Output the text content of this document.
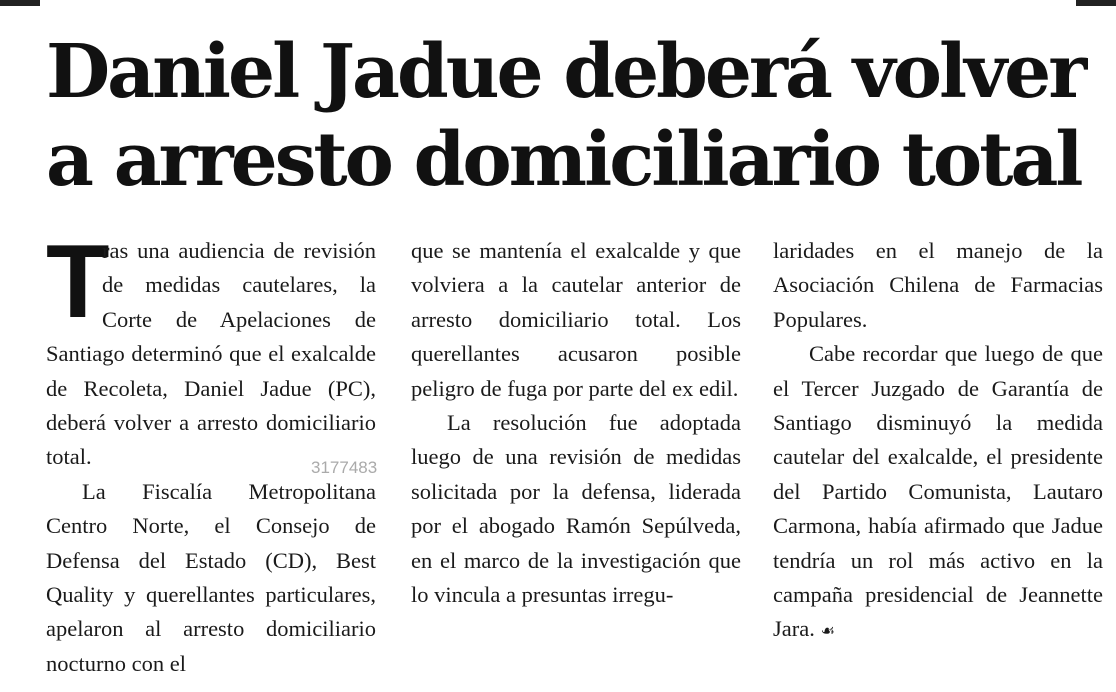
Daniel Jadue deberá volver a arresto domiciliario total

T
ras una audiencia de revisión de medidas cautelares, la Corte de Apelaciones de Santiago determinó que el exalcalde de Recoleta, Daniel Jadue (PC), deberá volver a arresto domiciliario total.

La Fiscalía Metropolitana Centro Norte, el Consejo de Defensa del Estado (CD), Best Quality y querellantes particulares, apelaron al arresto domiciliario nocturno con el

que se mantenía el exalcalde y que volviera a la cautelar anterior de arresto domiciliario total. Los querellantes acusaron posible peligro de fuga por parte del ex edil.

La resolución fue adoptada luego de una revisión de medidas solicitada por la defensa, liderada por el abogado Ramón Sepúlveda, en el marco de la investigación que lo vincula a presuntas irregu-

laridades en el manejo de la Asociación Chilena de Farmacias Populares.

Cabe recordar que luego de que el Tercer Juzgado de Garantía de Santiago disminuyó la medida cautelar del exalcalde, el presidente del Partido Comunista, Lautaro Carmona, había afirmado que Jadue tendría un rol más activo en la campaña presidencial de Jeannette Jara. ☙

3177483
